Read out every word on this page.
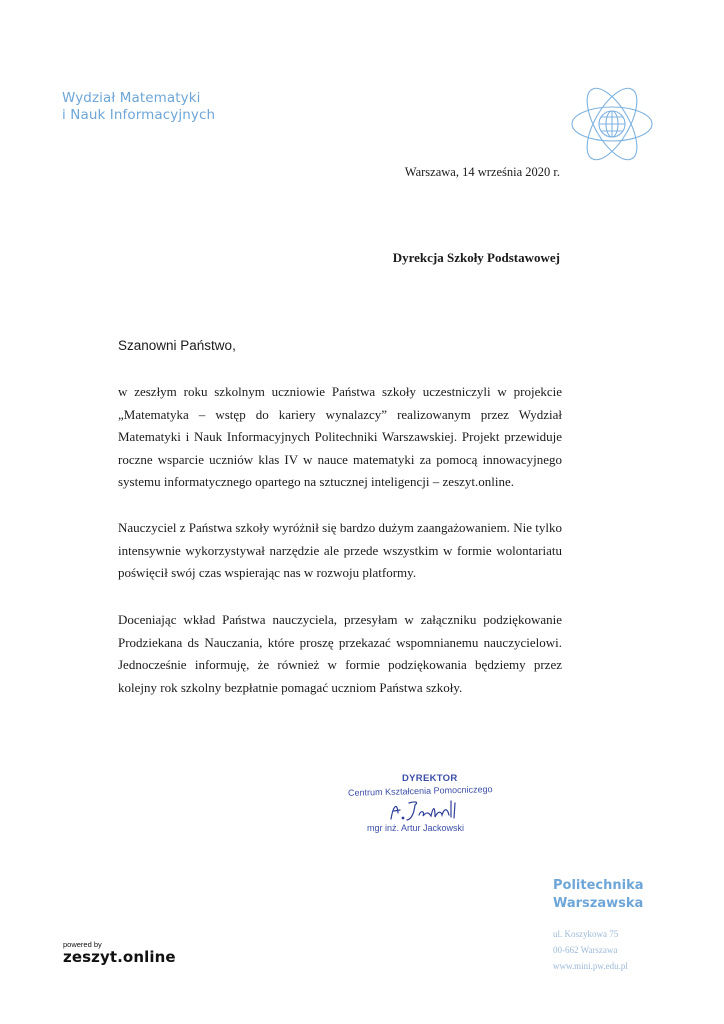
Wydział Matematyki
i Nauk Informacyjnych
Warszawa, 14 września 2020 r.
Dyrekcja Szkoły Podstawowej
Szanowni Państwo,

w zeszłym roku szkolnym uczniowie Państwa szkoły uczestniczyli w projekcie „Matematyka – wstęp do kariery wynalazcy” realizowanym przez Wydział Matematyki i Nauk Informacyjnych Politechniki Warszawskiej. Projekt przewiduje roczne wsparcie uczniów klas IV w nauce matematyki za pomocą innowacyjnego systemu informatycznego opartego na sztucznej inteligencji – zeszyt.online.

Nauczyciel z Państwa szkoły wyróżnił się bardzo dużym zaangażowaniem. Nie tylko intensywnie wykorzystywał narzędzie ale przede wszystkim w formie wolontariatu poświęcił swój czas wspierając nas w rozwoju platformy.

Doceniając wkład Państwa nauczyciela, przesyłam w załączniku podziękowanie Prodziekana ds Nauczania, które proszę przekazać wspomnianemu nauczycielowi. Jednocześnie informuję, że również w formie podziękowania będziemy przez kolejny rok szkolny bezpłatnie pomagać uczniom Państwa szkoły.

DYREKTOR
Centrum Kształcenia Pomocniczego
mgr inż. Artur Jackowski
Politechnika
Warszawska
ul. Koszykowa 75
00-662 Warszawa
www.mini.pw.edu.pl
powered by
zeszyt.online
